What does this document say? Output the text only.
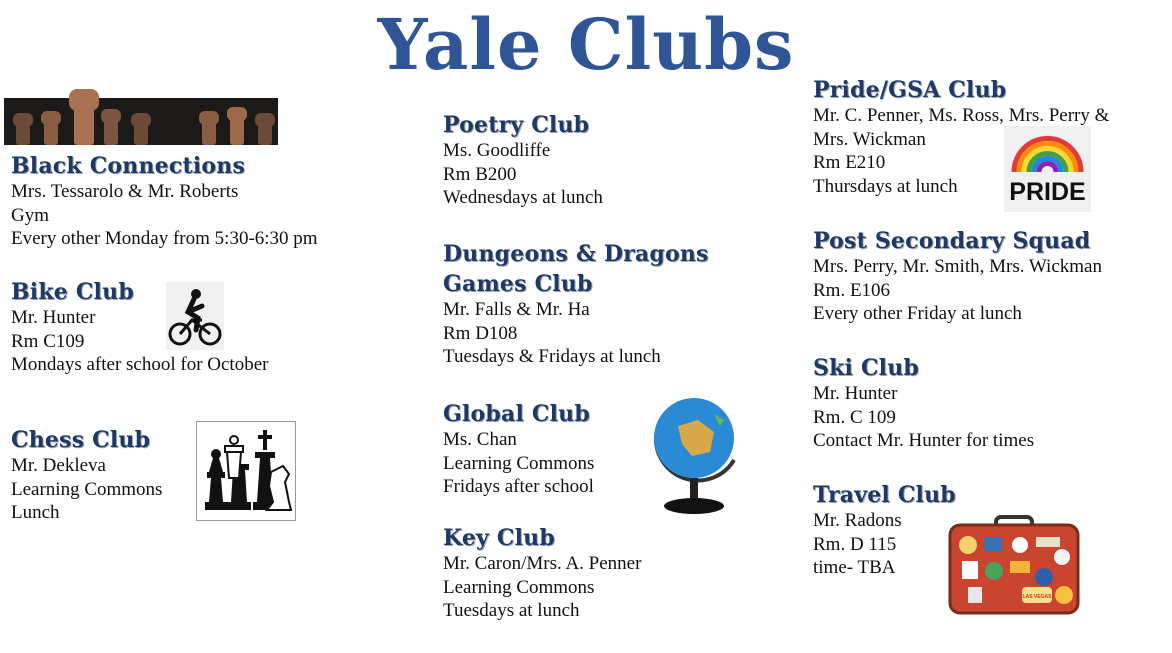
Yale Clubs
Black Connections
Mrs. Tessarolo & Mr. Roberts
Gym
Every other Monday from 5:30-6:30 pm
Bike Club
Mr. Hunter
Rm C109
Mondays after school for October
Chess Club
Mr. Dekleva
Learning Commons
Lunch
Poetry Club
Ms. Goodliffe
Rm B200
Wednesdays at lunch
Dungeons & Dragons
Games Club
Mr. Falls & Mr. Ha
Rm D108
Tuesdays & Fridays at lunch
Global Club
Ms. Chan
Learning Commons
Fridays after school
Key Club
Mr. Caron/Mrs. A. Penner
Learning Commons
Tuesdays at lunch
Pride/GSA Club
Mr. C. Penner, Ms. Ross, Mrs. Perry &
Mrs. Wickman
Rm E210
Thursdays at lunch	PRIDE
Post Secondary Squad
Mrs. Perry, Mr. Smith, Mrs. Wickman
Rm. E106
Every other Friday at lunch
Ski Club
Mr. Hunter
Rm. C 109
Contact Mr. Hunter for times
Travel Club
Mr. Radons
Rm. D 115
time- TBA
LAS VEGAS
